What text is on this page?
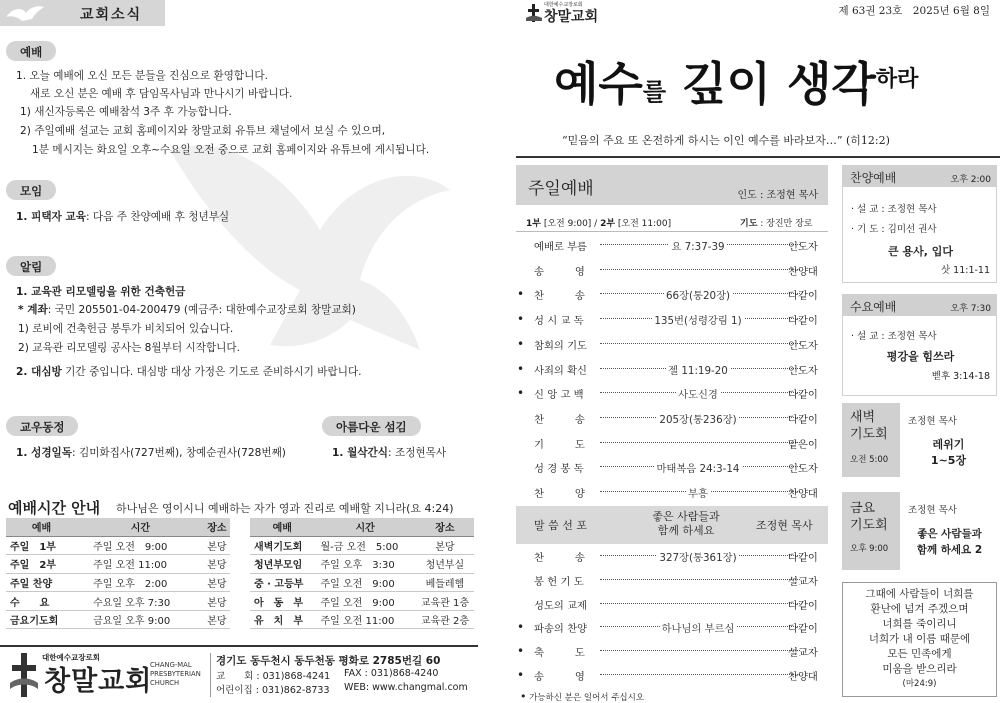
교회소식
예배
1. 오늘 예배에 오신 모든 분들을 진심으로 환영합니다.
새로 오신 분은 예배 후 담임목사님과 만나시기 바랍니다.
1) 새신자등록은 예배참석 3주 후 가능합니다.
2) 주일예배 설교는 교회 홈페이지와 창말교회 유튜브 채널에서 보실 수 있으며,
1분 메시지는 화요일 오후~수요일 오전 중으로 교회 홈페이지와 유튜브에 게시됩니다.
모임
1. 피택자 교육: 다음 주 찬양예배 후 청년부실
알림
1. 교육관 리모델링을 위한 건축헌금
* 계좌: 국민 205501-04-200479 (예금주: 대한예수교장로회 창말교회)
1) 로비에 건축헌금 봉투가 비치되어 있습니다.
2) 교육관 리모델링 공사는 8월부터 시작합니다.
2. 대심방 기간 중입니다. 대심방 대상 가정은 기도로 준비하시기 바랍니다.
교우동정
1. 성경일독: 김미화집사(727번째), 창예순권사(728번째)
아름다운 섬김
1. 월삭간식: 조정현목사
예배시간 안내 하나님은 영이시니 예배하는 자가 영과 진리로 예배할 지니라(요 4:24)
예배	시간	장소
주일　1부	주일 오전　9:00	본당
주일　2부	주일 오전 11:00	본당
주일 찬양	주일 오후　2:00	본당
수　　요	수요일 오후 7:30	본당
금요기도회	금요일 오후 9:00	본당
예배	시간	장소
새벽기도회	월-금 오전　5:00	본당
청년부모임	주일 오후　3:30	청년부실
중 · 고등부	주일 오전　9:00	베들레헴
아　동　부	주일 오전　9:00	교육관 1층
유　치　부	주일 오전 11:00	교육관 2층
대한예수교장로회
창말교회
CHANG-MAL
PRESBYTERIAN
CHURCH
경기도 동두천시 동두천동 평화로 2785번길 60
교　　회 : 031)868-4241 FAX : 031)868-4240
어린이집 : 031)862-8733 WEB: www.changmal.com
대한예수교장로회
창말교회	제 63권 23호　2025년 6월 8일
예수를 깊이 생각하라
“믿음의 주요 또 온전하게 하시는 이인 예수를 바라보자…” (히12:2)
주일예배	인도 : 조정현 목사
1부 [오전 9:00] / 2부 [오전 11:00]	기도 : 장진만 장로
예배로 부름	요 7:37-39	인도자
송　　　영	찬양대
• 찬　　　송	66장(통20장)	다같이
• 성 시 교 독	135번(성령강림 1)	다같이
• 참회의 기도	인도자
• 사죄의 확신	젤 11:19-20	인도자
• 신 앙 고 백	사도신경	다같이
찬　　　송	205장(통236장)	다같이
기　　　도	맡은이
성 경 봉 독	마태복음 24:3-14	인도자
찬　　　양	부흥	찬양대
말 씀 선 포
좋은 사람들과
함께 하세요	조정현 목사
찬　　　송	327장(통361장)	다같이
봉 헌 기 도	설교자
성도의 교제	다같이
• 파송의 찬양	하나님의 부르심	다같이
• 축　　　도	설교자
• 송　　　영	찬양대
• 가능하신 분은 일어서 주십시오
찬양예배	오후 2:00
· 설 교 : 조정현 목사
· 기 도 : 김미선 권사
큰 용사, 입다
삿 11:1-11
수요예배	오후 7:30
· 설 교 : 조정현 목사
평강을 힘쓰라
벧후 3:14-18
새벽
기도회
오전 5:00
조정현 목사
레위기
1~5장
금요
기도회
오후 9:00
조정현 목사
좋은 사람들과
함께 하세요 2
그때에 사람들이 너희를
환난에 넘겨 주겠으며
너희를 죽이리니
너희가 내 이름 때문에
모든 민족에게
미움을 받으리라
(마24:9)
